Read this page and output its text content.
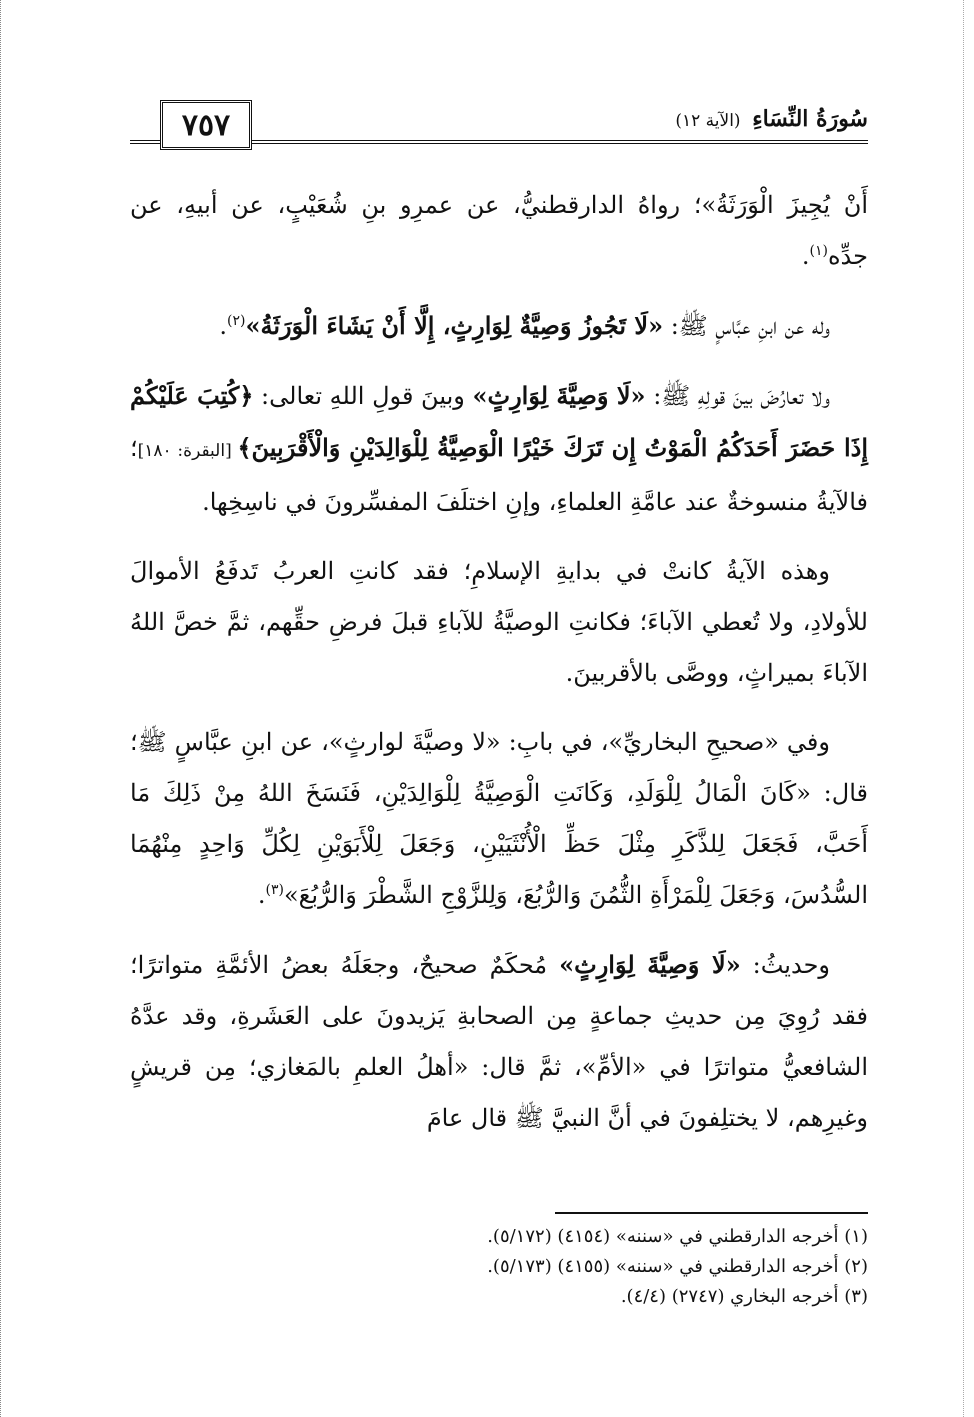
٧٥٧	سُورَةُ النِّسَاءِ (الآية ١٢)

أَنْ يُجِيزَ الْوَرَثَةُ»؛ رواهُ الدارقطنيُّ، عن عمرِو بنِ شُعَيْبٍ، عن أبيهِ، عن جدِّه$^{(١)}$.

وله عن ابنِ عبَّاسٍ ﷺ: «لَا تَجُوزُ وَصِيَّةٌ لِوَارِثٍ، إِلَّا أَنْ يَشَاءَ الْوَرَثَةُ»$^{(٢)}$.

ولا تعارُضَ بينَ قولِهِ ﷺ: «لَا وَصِيَّةَ لِوَارِثٍ» وبينَ قولِ اللهِ تعالى: ﴿كُتِبَ عَلَيْكُمْ إِذَا حَضَرَ أَحَدَكُمُ الْمَوْتُ إِن تَرَكَ خَيْرًا الْوَصِيَّةُ لِلْوَالِدَيْنِ وَالْأَقْرَبِينَ﴾ [البقرة: ١٨٠]؛ فالآيةُ منسوخةٌ عند عامَّةِ العلماءِ، وإنِ اختلَفَ المفسِّرونَ في ناسِخِها.

وهذه الآيةُ كانتْ في بدايةِ الإسلامِ؛ فقد كانتِ العربُ تَدفَعُ الأموالَ للأولادِ، ولا تُعطي الآباءَ؛ فكانتِ الوصيَّةُ للآباءِ قبلَ فرضِ حقِّهم، ثمَّ خصَّ اللهُ الآباءَ بميراثٍ، ووصَّى بالأقربينَ.

وفي «صحيحِ البخاريِّ»، في بابِ: «لا وصيَّةَ لوارثٍ»، عن ابنِ عبَّاسٍ ﷺ؛ قال: «كَانَ الْمَالُ لِلْوَلَدِ، وَكَانَتِ الْوَصِيَّةُ لِلْوَالِدَيْنِ، فَنَسَخَ اللهُ مِنْ ذَلِكَ مَا أَحَبَّ، فَجَعَلَ لِلذَّكَرِ مِثْلَ حَظِّ الْأُنْثَيَيْنِ، وَجَعَلَ لِلْأَبَوَيْنِ لِكُلِّ وَاحِدٍ مِنْهُمَا السُّدُسَ، وَجَعَلَ لِلْمَرْأَةِ الثُّمُنَ وَالرُّبُعَ، وَلِلزَّوْجِ الشَّطْرَ وَالرُّبُعَ»$^{(٣)}$.

وحديثُ: «لَا وَصِيَّةَ لِوَارِثٍ» مُحكَمٌ صحيحٌ، وجعَلَهُ بعضُ الأئمَّةِ متواترًا؛ فقد رُوِيَ مِن حديثِ جماعةٍ مِن الصحابةِ يَزيدونَ على العَشَرةِ، وقد عدَّهُ الشافعيُّ متواترًا في «الأمِّ»، ثمَّ قال: «أهلُ العلمِ بالمَغازي؛ مِن قريشٍ وغيرِهم، لا يختلِفونَ في أنَّ النبيَّ ﷺ قال عامَ

(١) أخرجه الدارقطني في «سننه» (٤١٥٤) (٥/١٧٢).
(٢) أخرجه الدارقطني في «سننه» (٤١٥٥) (٥/١٧٣).
(٣) أخرجه البخاري (٢٧٤٧) (٤/٤).
